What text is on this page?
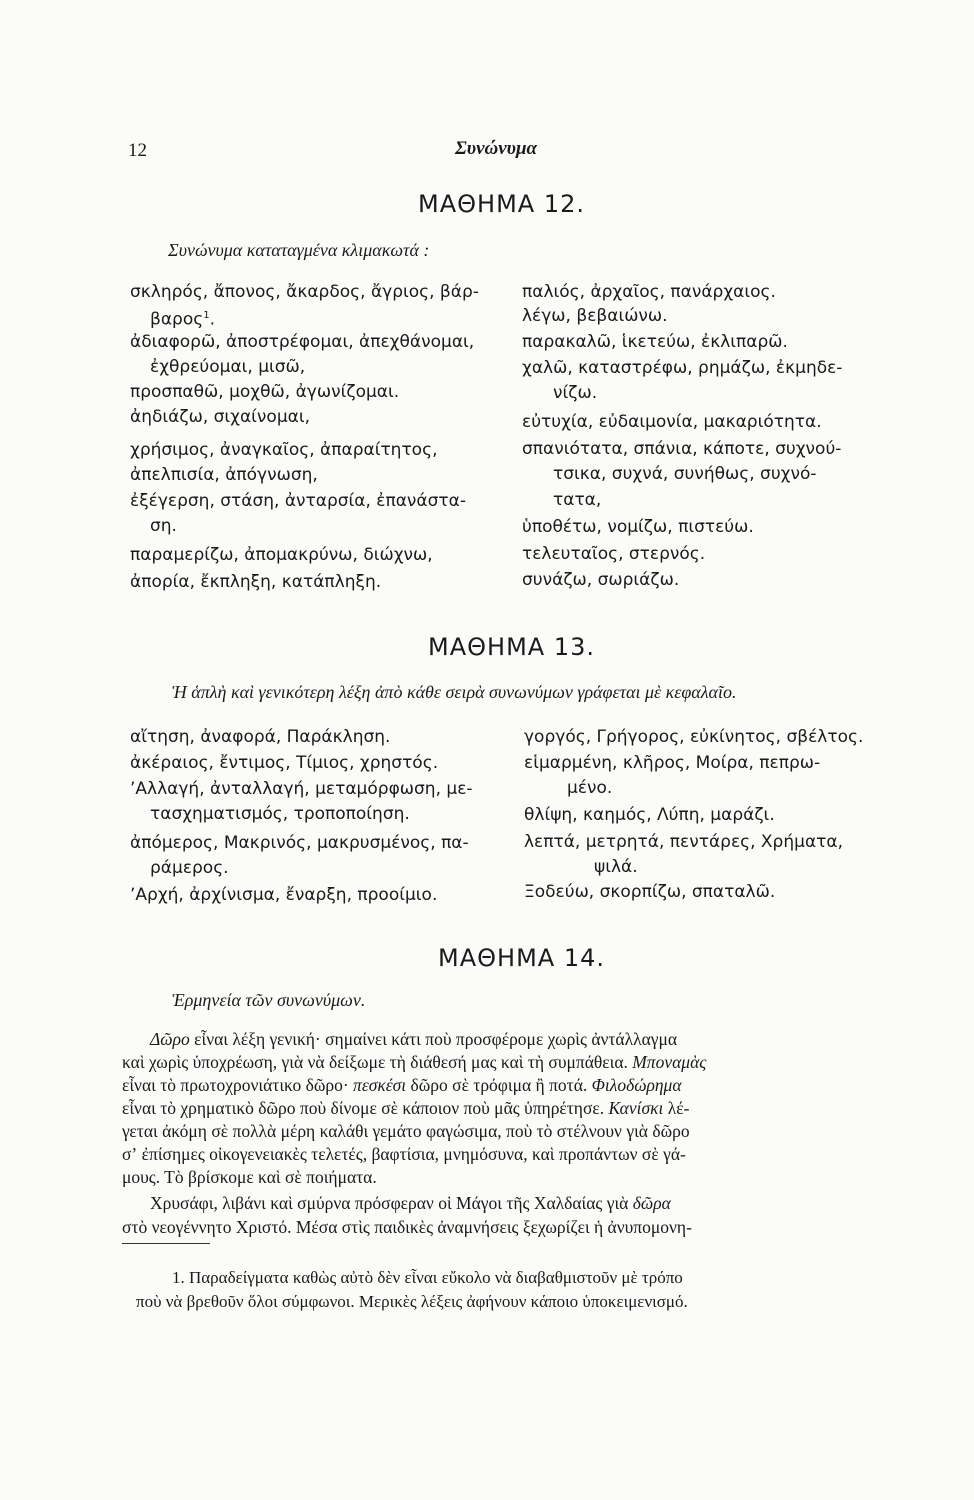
12	Συνώνυμα
ΜΑΘΗΜΑ 12.
Συνώνυμα καταταγμένα κλιμακωτά :
σκληρός, ἄπονος, ἄκαρδος, ἄγριος, βάρ-
βαρος$^1$.
ἀδιαφορῶ, ἀποστρέφομαι, ἀπεχθάνομαι,
ἐχθρεύομαι, μισῶ,
προσπαθῶ, μοχθῶ, ἀγωνίζομαι.
ἀηδιάζω, σιχαίνομαι,
χρήσιμος, ἀναγκαῖος, ἀπαραίτητος,
ἀπελπισία, ἀπόγνωση,
ἐξέγερση, στάση, ἀνταρσία, ἐπανάστα-
ση.
παραμερίζω, ἀπομακρύνω, διώχνω,
ἀπορία, ἔκπληξη, κατάπληξη.
παλιός, ἀρχαῖος, πανάρχαιος.
λέγω, βεβαιώνω.
παρακαλῶ, ἱκετεύω, ἐκλιπαρῶ.
χαλῶ, καταστρέφω, ρημάζω, ἐκμηδε-
νίζω.
εὐτυχία, εὐδαιμονία, μακαριότητα.
σπανιότατα, σπάνια, κάποτε, συχνού-
τσικα, συχνά, συνήθως, συχνό-
τατα,
ὑποθέτω, νομίζω, πιστεύω.
τελευταῖος, στερνός.
συνάζω, σωριάζω.
ΜΑΘΗΜΑ 13.
Ἡ ἁπλὴ καὶ γενικότερη λέξη ἀπὸ κάθε σειρὰ συνωνύμων γράφεται μὲ κεφαλαῖο.
αἴτηση, ἀναφορά, Παράκληση.
ἀκέραιος, ἔντιμος, Τίμιος, χρηστός.
ʼΑλλαγή, ἀνταλλαγή, μεταμόρφωση, με-
τασχηματισμός, τροποποίηση.
ἀπόμερος, Μακρινός, μακρυσμένος, πα-
ράμερος.
ʼΑρχή, ἀρχίνισμα, ἔναρξη, προοίμιο.
γοργός, Γρήγορος, εὐκίνητος, σβέλτος.
εἱμαρμένη, κλῆρος, Μοίρα, πεπρω-
μένο.
θλίψη, καημός, Λύπη, μαράζι.
λεπτά, μετρητά, πεντάρες, Χρήματα,
ψιλά.
Ξοδεύω, σκορπίζω, σπαταλῶ.
ΜΑΘΗΜΑ 14.
Ἑρμηνεία τῶν συνωνύμων.
Δῶρο εἶναι λέξη γενική· σημαίνει κάτι ποὺ προσφέρομε χωρὶς ἀντάλλαγμα
καὶ χωρὶς ὑποχρέωση, γιὰ νὰ δείξωμε τὴ διάθεσή μας καὶ τὴ συμπάθεια. Μποναμὰς
εἶναι τὸ πρωτοχρονιάτικο δῶρο· πεσκέσι δῶρο σὲ τρόφιμα ἢ ποτά. Φιλοδώρημα
εἶναι τὸ χρηματικὸ δῶρο ποὺ δίνομε σὲ κάποιον ποὺ μᾶς ὑπηρέτησε. Κανίσκι λέ-
γεται ἀκόμη σὲ πολλὰ μέρη καλάθι γεμάτο φαγώσιμα, ποὺ τὸ στέλνουν γιὰ δῶρο
σʼ ἐπίσημες οἰκογενειακὲς τελετές, βαφτίσια, μνημόσυνα, καὶ προπάντων σὲ γά-
μους. Τὸ βρίσκομε καὶ σὲ ποιήματα.
Χρυσάφι, λιβάνι καὶ σμύρνα πρόσφεραν οἱ Μάγοι τῆς Χαλδαίας γιὰ δῶρα
στὸ νεογέννητο Χριστό. Μέσα στὶς παιδικὲς ἀναμνήσεις ξεχωρίζει ἡ ἀνυπομονη-
1. Παραδείγματα καθὼς αὐτὸ δὲν εἶναι εὔκολο νὰ διαβαθμιστοῦν μὲ τρόπο
ποὺ νὰ βρεθοῦν ὅλοι σύμφωνοι. Μερικὲς λέξεις ἀφήνουν κάποιο ὑποκειμενισμό.
